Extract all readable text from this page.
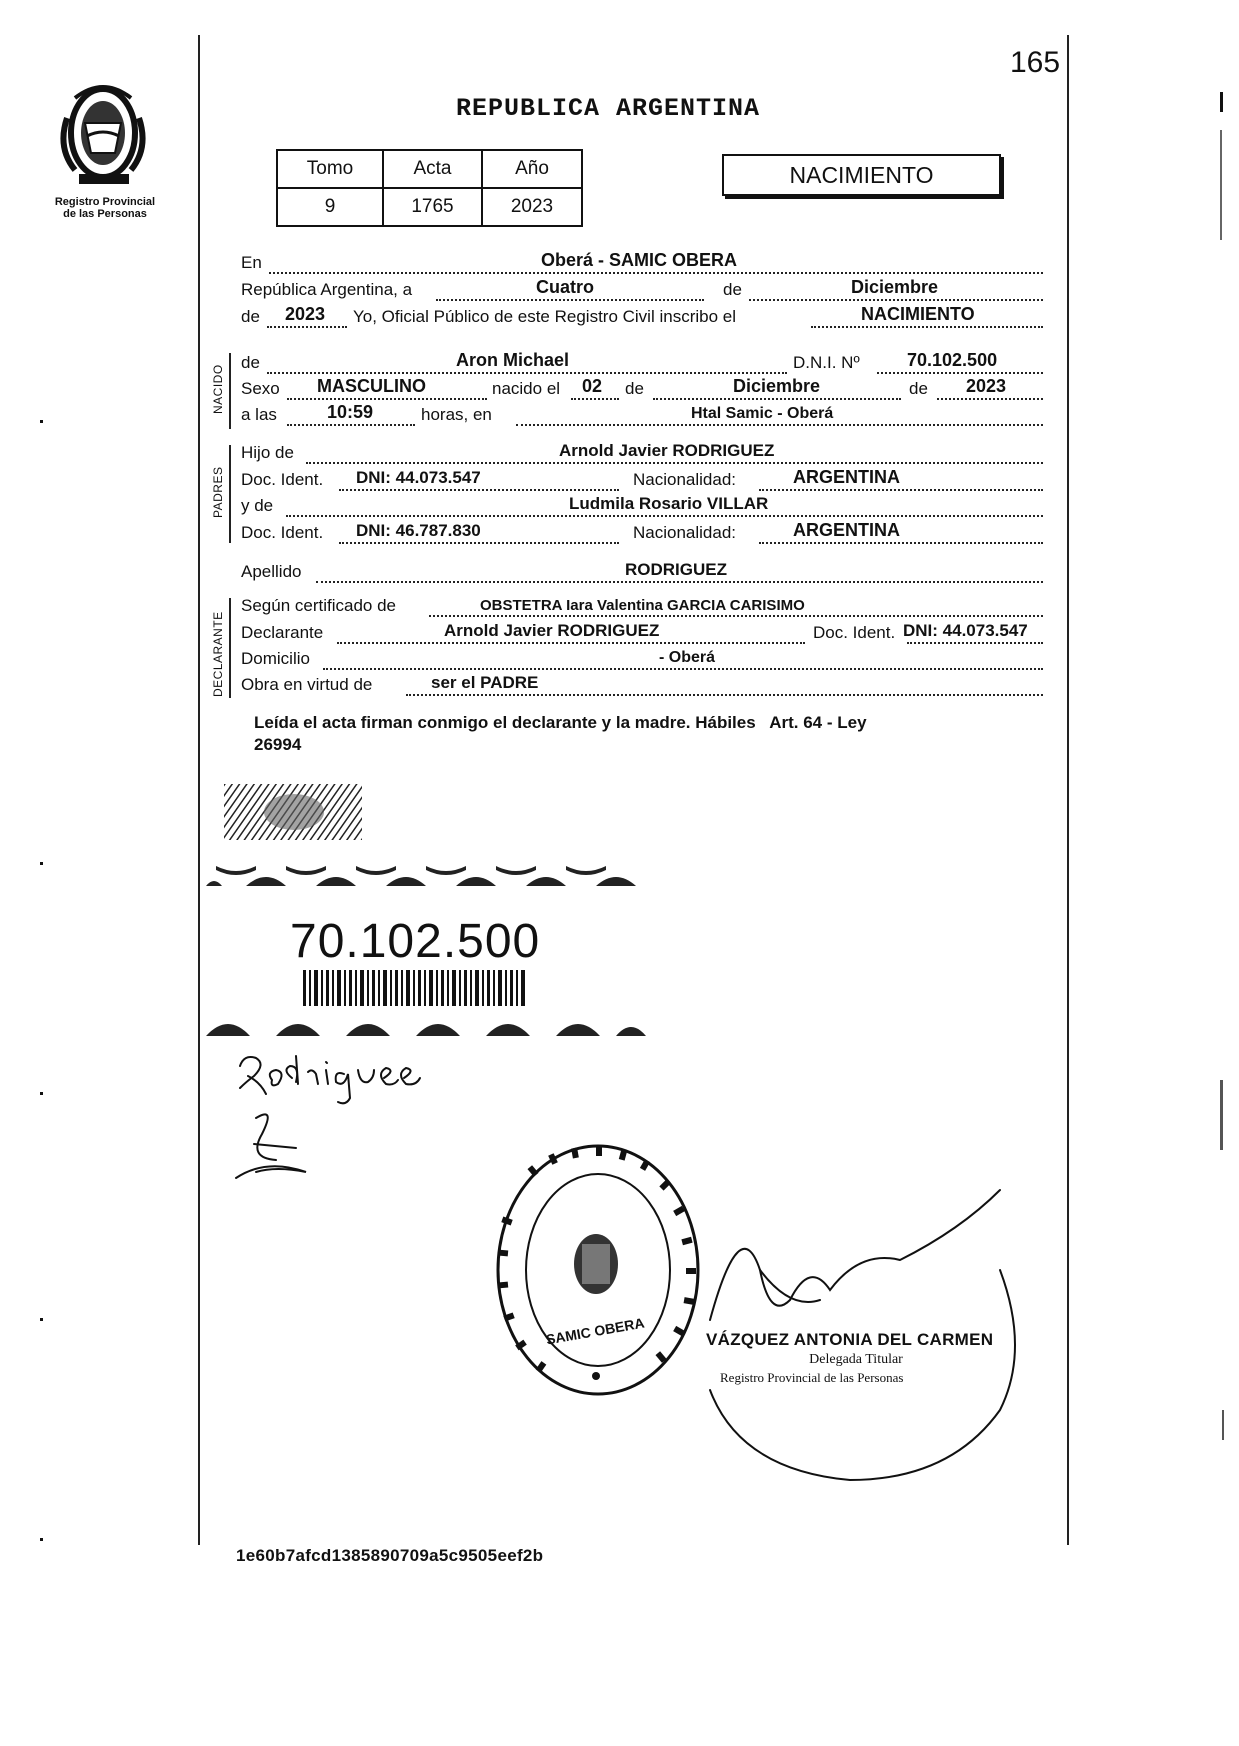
165
Registro Provincial
de las Personas
REPUBLICA ARGENTINA
Tomo	Acta	Año
9	1765	2023
NACIMIENTO
En	Oberá - SAMIC OBERA
República Argentina, a	Cuatro	de	Diciembre
de 2023 Yo, Oficial Público de este Registro Civil inscribo el	NACIMIENTO
NACIDO
de	Aron Michael	D.N.I. Nº	70.102.500
Sexo MASCULINO	nacido el 02 de	Diciembre	de 2023
a las	10:59	horas, en	Htal Samic - Oberá
PADRES
Hijo de	Arnold Javier RODRIGUEZ
Doc. Ident. DNI: 44.073.547	Nacionalidad:	ARGENTINA
y de	Ludmila Rosario VILLAR
Doc. Ident. DNI: 46.787.830	Nacionalidad:	ARGENTINA
Apellido	RODRIGUEZ
DECLARANTE
Según certificado de	OBSTETRA Iara Valentina GARCIA CARISIMO
Declarante	Arnold Javier RODRIGUEZ	Doc. Ident. DNI: 44.073.547
Domicilio	- Oberá
Obra en virtud de	ser el PADRE
Leída el acta firman conmigo el declarante y la madre. Hábiles   Art. 64 - Ley
26994
70.102.500
SAMIC OBERA	VÁZQUEZ ANTONIA DEL CARMEN
Delegada Titular
Registro Provincial de las Personas
1e60b7afcd1385890709a5c9505eef2b
